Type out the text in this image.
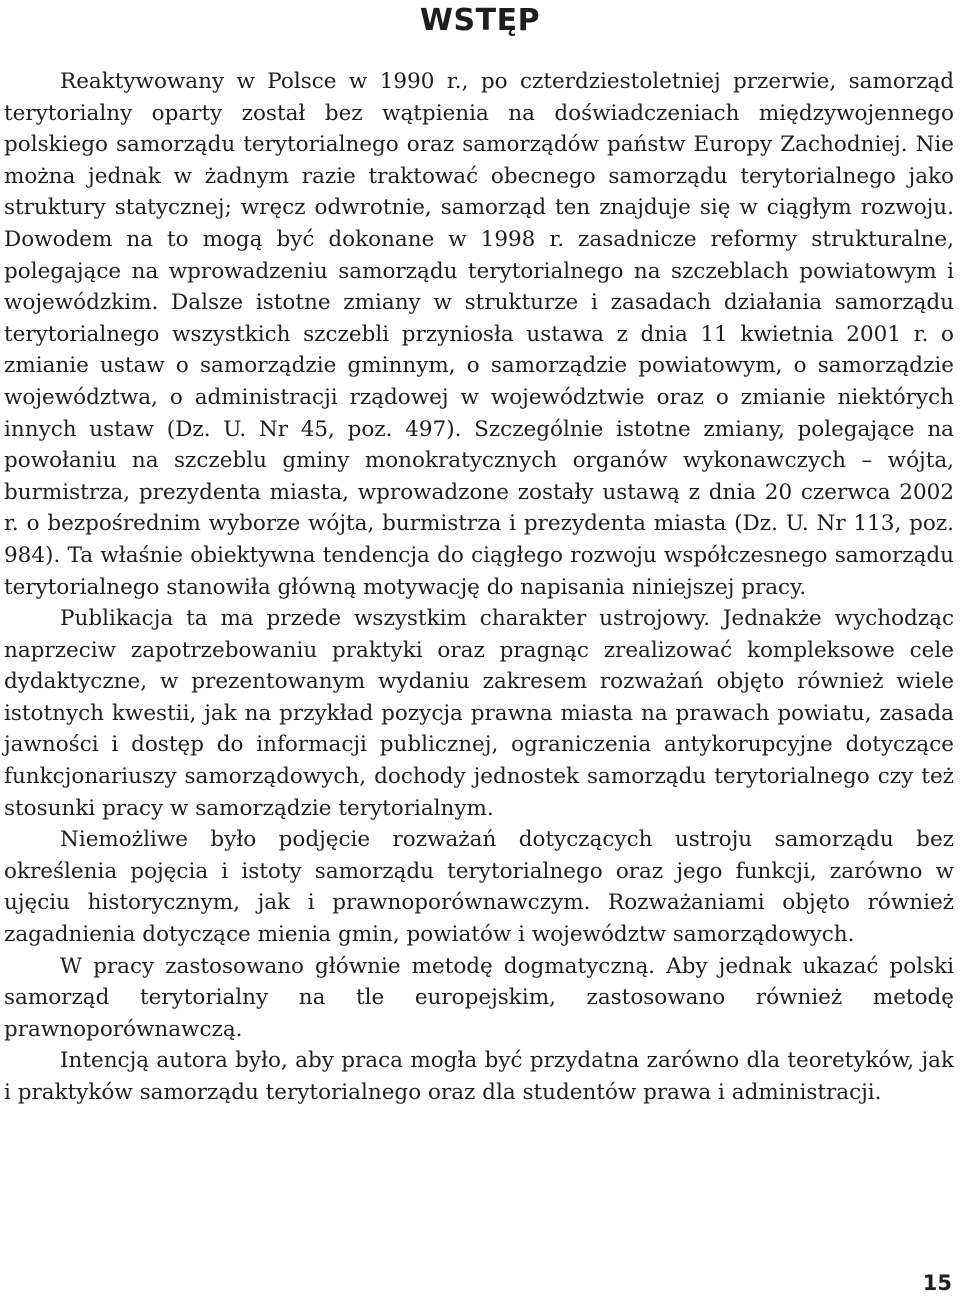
WSTĘP

Reaktywowany w Polsce w 1990 r., po czterdziestoletniej przerwie, samorząd terytorialny oparty został bez wątpienia na doświadczeniach międzywojennego polskiego samorządu terytorialnego oraz samorządów państw Europy Zachodniej. Nie można jednak w żadnym razie traktować obecnego samorządu terytorialnego jako struktury statycznej; wręcz odwrotnie, samorząd ten znajduje się w ciągłym rozwoju. Dowodem na to mogą być dokonane w 1998 r. zasadnicze reformy strukturalne, polegające na wprowadzeniu samorządu terytorialnego na szczeblach powiatowym i wojewódzkim. Dalsze istotne zmiany w strukturze i zasadach działania samorządu terytorialnego wszystkich szczebli przyniosła ustawa z dnia 11 kwietnia 2001 r. o zmianie ustaw o samorządzie gminnym, o samorządzie powiatowym, o samorządzie województwa, o administracji rządowej w województwie oraz o zmianie niektórych innych ustaw (Dz. U. Nr 45, poz. 497). Szczególnie istotne zmiany, polegające na powołaniu na szczeblu gminy monokratycznych organów wykonawczych – wójta, burmistrza, prezydenta miasta, wprowadzone zostały ustawą z dnia 20 czerwca 2002 r. o bezpośrednim wyborze wójta, burmistrza i prezydenta miasta (Dz. U. Nr 113, poz. 984). Ta właśnie obiektywna tendencja do ciągłego rozwoju współczesnego samorządu terytorialnego stanowiła główną motywację do napisania niniejszej pracy.

Publikacja ta ma przede wszystkim charakter ustrojowy. Jednakże wychodząc naprzeciw zapotrzebowaniu praktyki oraz pragnąc zrealizować kompleksowe cele dydaktyczne, w prezentowanym wydaniu zakresem rozważań objęto również wiele istotnych kwestii, jak na przykład pozycja prawna miasta na prawach powiatu, zasada jawności i dostęp do informacji publicznej, ograniczenia antykorupcyjne dotyczące funkcjonariuszy samorządowych, dochody jednostek samorządu terytorialnego czy też stosunki pracy w samorządzie terytorialnym.

Niemożliwe było podjęcie rozważań dotyczących ustroju samorządu bez określenia pojęcia i istoty samorządu terytorialnego oraz jego funkcji, zarówno w ujęciu historycznym, jak i prawnoporównawczym. Rozważaniami objęto również zagadnienia dotyczące mienia gmin, powiatów i województw samorządowych.

W pracy zastosowano głównie metodę dogmatyczną. Aby jednak ukazać polski samorząd terytorialny na tle europejskim, zastosowano również metodę prawnoporównawczą.

Intencją autora było, aby praca mogła być przydatna zarówno dla teoretyków, jak i praktyków samorządu terytorialnego oraz dla studentów prawa i administracji.

15
